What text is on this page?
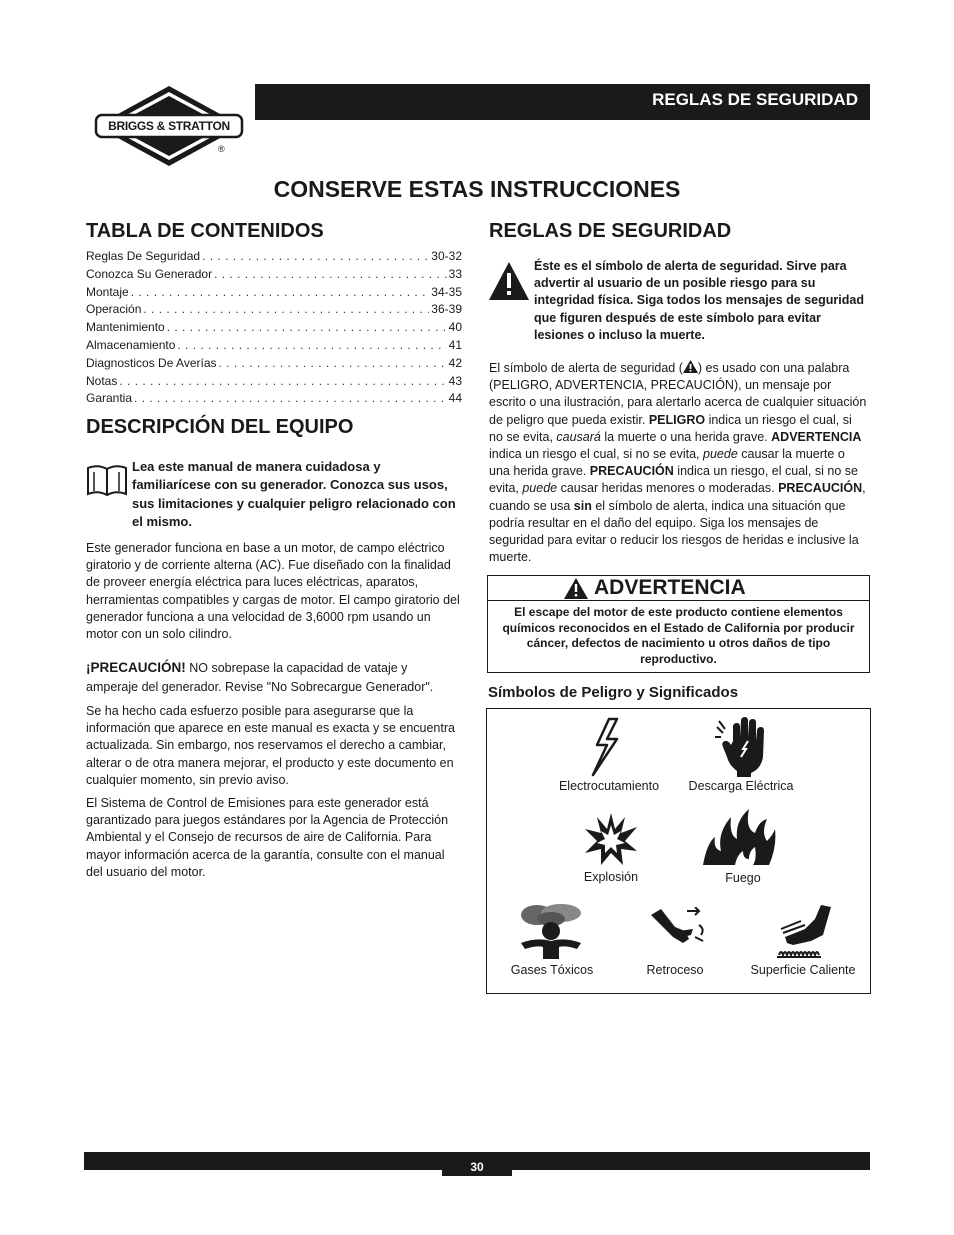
BRIGGS & STRATTON
®
REGLAS DE SEGURIDAD
CONSERVE ESTAS INSTRUCCIONES
TABLA DE CONTENIDOS
Reglas De Seguridad . . .	30-32
Conozca Su Generador . . .	33
Montaje . . .	34-35
Operación . . .	36-39
Mantenimiento . . .	40
Almacenamiento . . .	41
Diagnosticos De Averías . . .	42
Notas . . .	43
Garantia . . .	44
DESCRIPCIÓN DEL EQUIPO
Lea este manual de manera cuidadosa y familiarícese con su generador. Conozca sus usos, sus limitaciones y cualquier peligro relacionado con el mismo.
Este generador funciona en base a un motor, de campo eléctrico giratorio y de corriente alterna (AC). Fue diseñado con la finalidad de proveer energía eléctrica para luces eléctricas, aparatos, herramientas compatibles y cargas de motor. El campo giratorio del generador funciona a una velocidad de 3,6000 rpm usando un motor con un solo cilindro.
¡PRECAUCIÓN! NO sobrepase la capacidad de vataje y amperaje del generador. Revise "No Sobrecargue Generador".
Se ha hecho cada esfuerzo posible para asegurarse que la información que aparece en este manual es exacta y se encuentra actualizada. Sin embargo, nos reservamos el derecho a cambiar, alterar o de otra manera mejorar, el producto y este documento en cualquier momento, sin previo aviso.
El Sistema de Control de Emisiones para este generador está garantizado para juegos estándares por la Agencia de Protección Ambiental y el Consejo de recursos de aire de California. Para mayor información acerca de la garantía, consulte con el manual del usuario del motor.
REGLAS DE SEGURIDAD
Éste es el símbolo de alerta de seguridad. Sirve para advertir al usuario de un posible riesgo para su integridad física. Siga todos los mensajes de seguridad que figuren después de este símbolo para evitar lesiones o incluso la muerte.
El símbolo de alerta de seguridad ( ) es usado con una palabra (PELIGRO, ADVERTENCIA, PRECAUCIÓN), un mensaje por escrito o una ilustración, para alertarlo acerca de cualquier situación de peligro que pueda existir. PELIGRO indica un riesgo el cual, si no se evita, causará la muerte o una herida grave. ADVERTENCIA indica un riesgo el cual, si no se evita, puede causar la muerte o una herida grave. PRECAUCIÓN indica un riesgo, el cual, si no se evita, puede causar heridas menores o moderadas. PRECAUCIÓN, cuando se usa sin el símbolo de alerta, indica una situación que podría resultar en el daño del equipo. Siga los mensajes de seguridad para evitar o reducir los riesgos de heridas e inclusive la muerte.
ADVERTENCIA
El escape del motor de este producto contiene elementos químicos reconocidos en el Estado de California por producir cáncer, defectos de nacimiento u otros daños de tipo reproductivo.
Símbolos de Peligro y Significados
Electrocutamiento	Descarga Eléctrica
Explosión	Fuego
Gases Tóxicos	Retroceso	Superficie Caliente
30
